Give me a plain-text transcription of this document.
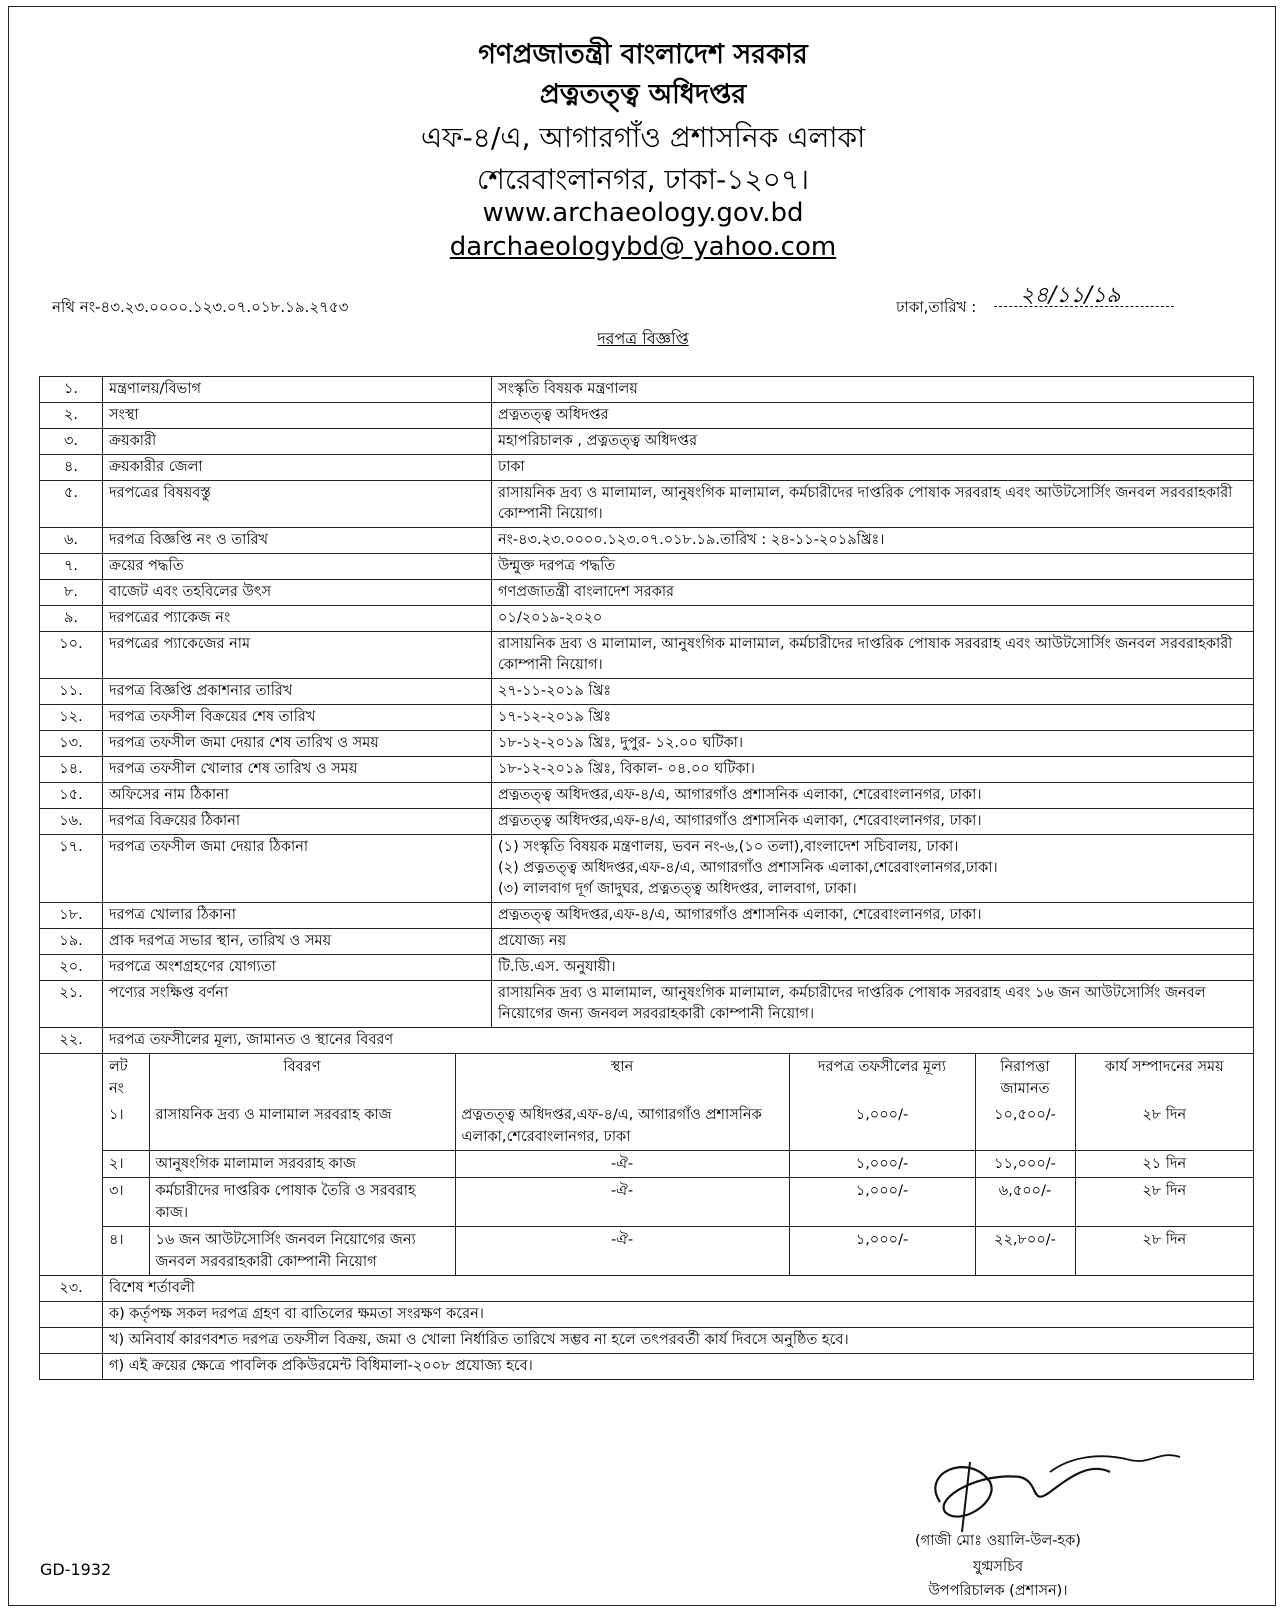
গণপ্রজাতন্ত্রী বাংলাদেশ সরকার
প্রত্নতত্ত্ব অধিদপ্তর
এফ-৪/এ, আগারগাঁও প্রশাসনিক এলাকা
শেরেবাংলানগর, ঢাকা-১২০৭।
www.archaeology.gov.bd
darchaeologybd@ yahoo.com
নথি নং-৪৩.২৩.০০০০.১২৩.০৭.০১৮.১৯.২৭৫৩	ঢাকা,তারিখ : ২৪/১১/১৯
দরপত্র বিজ্ঞপ্তি
১.	মন্ত্রণালয়/বিভাগ	সংস্কৃতি বিষয়ক মন্ত্রণালয়
২.	সংস্থা	প্রত্নতত্ত্ব অধিদপ্তর
৩.	ক্রয়কারী	মহাপরিচালক , প্রত্নতত্ত্ব অধিদপ্তর
৪.	ক্রয়কারীর জেলা	ঢাকা
৫.	দরপত্রের বিষয়বস্তু	রাসায়নিক দ্রব্য ও মালামাল, আনুষংগিক মালামাল, কর্মচারীদের দাপ্তরিক পোষাক সরবরাহ এবং আউটসোর্সিং জনবল সরবরাহকারী কোম্পানী নিয়োগ।
৬.	দরপত্র বিজ্ঞপ্তি নং ও তারিখ	নং-৪৩.২৩.০০০০.১২৩.০৭.০১৮.১৯.তারিখ : ২৪-১১-২০১৯খ্রিঃ।
৭.	ক্রয়ের পদ্ধতি	উন্মুক্ত দরপত্র পদ্ধতি
৮.	বাজেট এবং তহবিলের উৎস	গণপ্রজাতন্ত্রী বাংলাদেশ সরকার
৯.	দরপত্রের প্যাকেজ নং	০১/২০১৯-২০২০
১০.	দরপত্রের প্যাকেজের নাম	রাসায়নিক দ্রব্য ও মালামাল, আনুষংগিক মালামাল, কর্মচারীদের দাপ্তরিক পোষাক সরবরাহ এবং আউটসোর্সিং জনবল সরবরাহকারী কোম্পানী নিয়োগ।
১১.	দরপত্র বিজ্ঞপ্তি প্রকাশনার তারিখ	২৭-১১-২০১৯ খ্রিঃ
১২.	দরপত্র তফসীল বিক্রয়ের শেষ তারিখ	১৭-১২-২০১৯ খ্রিঃ
১৩.	দরপত্র তফসীল জমা দেয়ার শেষ তারিখ ও সময়	১৮-১২-২০১৯ খ্রিঃ, দুপুর- ১২.০০ ঘটিকা।
১৪.	দরপত্র তফসীল খোলার শেষ তারিখ ও সময়	১৮-১২-২০১৯ খ্রিঃ, বিকাল- ০৪.০০ ঘটিকা।
১৫.	অফিসের নাম ঠিকানা	প্রত্নতত্ত্ব অধিদপ্তর,এফ-৪/এ, আগারগাঁও প্রশাসনিক এলাকা, শেরেবাংলানগর, ঢাকা।
১৬.	দরপত্র বিক্রয়ের ঠিকানা	প্রত্নতত্ত্ব অধিদপ্তর,এফ-৪/এ, আগারগাঁও প্রশাসনিক এলাকা, শেরেবাংলানগর, ঢাকা।
১৭.	দরপত্র তফসীল জমা দেয়ার ঠিকানা	(১) সংস্কৃতি বিষয়ক মন্ত্রণালয়, ভবন নং-৬,(১০ তলা),বাংলাদেশ সচিবালয়, ঢাকা।
(২) প্রত্নতত্ত্ব অধিদপ্তর,এফ-৪/এ, আগারগাঁও প্রশাসনিক এলাকা,শেরেবাংলানগর,ঢাকা।
(৩) লালবাগ দূর্গ জাদুঘর, প্রত্নতত্ত্ব অধিদপ্তর, লালবাগ, ঢাকা।

১৮.	দরপত্র খোলার ঠিকানা	প্রত্নতত্ত্ব অধিদপ্তর,এফ-৪/এ, আগারগাঁও প্রশাসনিক এলাকা, শেরেবাংলানগর, ঢাকা।
১৯.	প্রাক দরপত্র সভার স্থান, তারিখ ও সময়	প্রযোজ্য নয়
২০.	দরপত্রে অংশগ্রহণের যোগ্যতা	টি.ডি.এস. অনুযায়ী।
২১.	পণ্যের সংক্ষিপ্ত বর্ণনা	রাসায়নিক দ্রব্য ও মালামাল, আনুষংগিক মালামাল, কর্মচারীদের দাপ্তরিক পোষাক সরবরাহ এবং ১৬ জন আউটসোর্সিং জনবল নিয়োগের জন্য জনবল সরবরাহকারী কোম্পানী নিয়োগ।
২২.	দরপত্র তফসীলের মূল্য, জামানত ও স্থানের বিবরণ

লট নং	বিবরণ	স্থান	দরপত্র তফসীলের মূল্য	নিরাপত্তা জামানত	কার্য সম্পাদনের সময়
১।	রাসায়নিক দ্রব্য ও মালামাল সরবরাহ কাজ	প্রত্নতত্ত্ব অধিদপ্তর,এফ-৪/এ, আগারগাঁও প্রশাসনিক এলাকা,শেরেবাংলানগর, ঢাকা	১,০০০/-	১০,৫০০/-	২৮ দিন
২।	আনুষংগিক মালামাল সরবরাহ কাজ	-ঐ-	১,০০০/-	১১,০০০/-	২১ দিন
৩।	কর্মচারীদের দাপ্তরিক পোষাক তৈরি ও সরবরাহ কাজ।	-ঐ-	১,০০০/-	৬,৫০০/-	২৮ দিন
৪।	১৬ জন আউটসোর্সিং জনবল নিয়োগের জন্য জনবল সরবরাহকারী কোম্পানী নিয়োগ	-ঐ-	১,০০০/-	২২,৮০০/-	২৮ দিন

২৩.	বিশেষ শর্তাবলী
	ক) কর্তৃপক্ষ সকল দরপত্র গ্রহণ বা বাতিলের ক্ষমতা সংরক্ষণ করেন।
	খ) অনিবার্য কারণবশত দরপত্র তফসীল বিক্রয়, জমা ও খোলা নির্ধারিত তারিখে সম্ভব না হলে তৎপরবর্তী কার্য দিবসে অনুষ্ঠিত হবে।
	গ) এই ক্রয়ের ক্ষেত্রে পাবলিক প্রকিউরমেন্ট বিধিমালা-২০০৮ প্রযোজ্য হবে।
(গাজী মোঃ ওয়ালি-উল-হক)
যুগ্মসচিব
উপপরিচালক (প্রশাসন)।
GD-1932
